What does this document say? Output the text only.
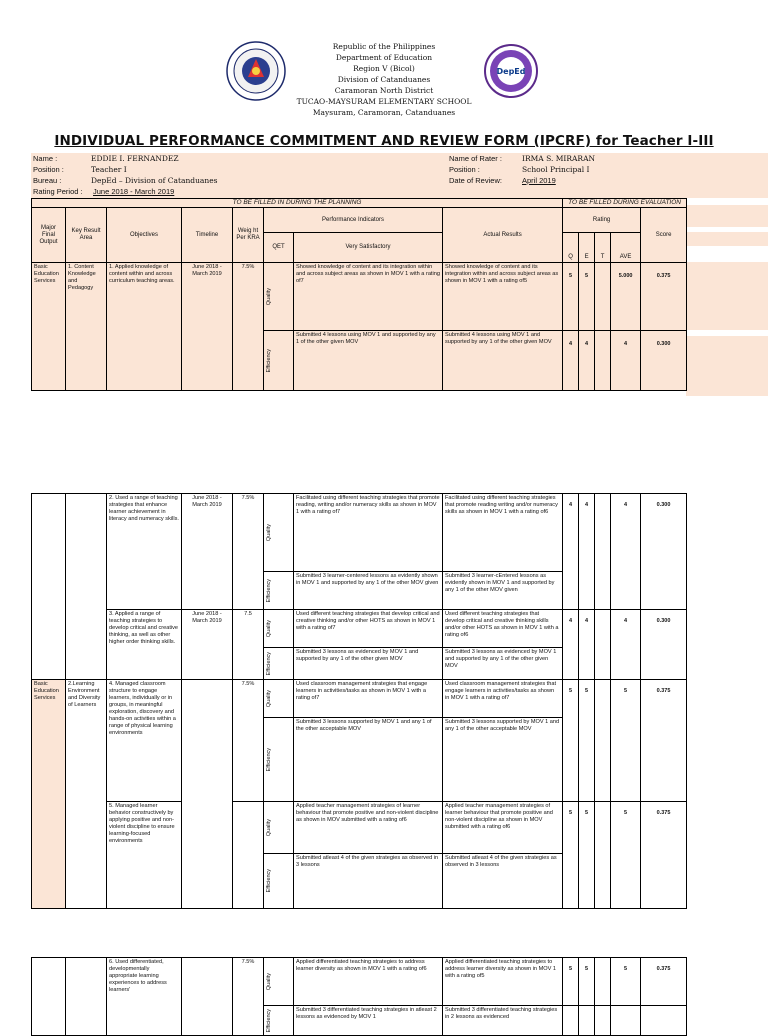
DepEd
Republic of the Philippines
Department of Education
Region V (Bicol)
Division of Catanduanes
Caramoran North District
TUCAO-MAYSURAM ELEMENTARY SCHOOL
Maysuram, Caramoran, Catanduanes
INDIVIDUAL PERFORMANCE COMMITMENT AND REVIEW FORM (IPCRF) for Teacher I-III
Name :	EDDIE I. FERNANDEZ
Position :	Teacher I
Bureau :	DepEd – Division of Catanduanes
Rating Period : June 2018 - March 2019
Name of Rater :	IRMA S. MIRARAN
Position :	School Principal I
Date of Review:	April 2019
TO BE FILLED IN DURING THE PLANNING								TO BE FILLED DURING EVALUATION				
Major Final Output	Key Result Area	Objectives	Timeline	Weig ht Per KRA	Performance Indicators		Actual Results	Rating				Score
					QET	Very Satisfactory		Q	E	T	AVE	
Basic Education Services	1. Content Knowledge and Pedagogy	1. Applied knowledge of content within and across curriculum teaching areas.	June 2018 - March 2019	7.5%	Quality	Showed knowledge of content and its integration within and across subject areas as shown in MOV 1 with a rating of7	Showed knowledge of content and its integration within and across subject areas as shown in MOV 1 with a rating of5	5	5		5.000	0.375

					Efficiency	Submitted 4 lessons using MOV 1 and supported by any 1 of the other given MOV	Submitted 4 lessons using MOV 1 and supported by any 1 of the other given MOV	4	4		4	0.300
		2. Used a range of teaching strategies that enhance learner achievement in literacy and numeracy skills.	June 2018 - March 2019	7.5%	Quality	Facilitated using different teaching strategies that promote reading, writing and/or numeracy skills as shown in MOV 1 with a rating of7	Facilitated using different teaching strategies that promote reading writing and/or numeracy skills as shown in MOV 1 with a rating of6	4	4		4	0.300

					Efficiency	Submitted 3 learner-centered lessons as evidently shown in MOV 1 and supported by any 1 of the other MOV given	Submitted 3 learner-cEntered lessons as evidently shown in MOV 1 and supported by any 1 of the other MOV given					
		3. Applied a range of teaching strategies to develop critical and creative thinking, as well as other higher order thinking skills.	June 2018 - March 2019	7.5	Quality	Used different teaching strategies that develop critical and creative thinking and/or other HOTS as shown in MOV 1 with a rating of7	Used different teaching strategies that develop critical and creative thinking skills and/or other HOTS as shown in MOV 1 with a rating of6	4	4		4	0.300

					Efficiency	Submitted 3 lessons as evidenced by MOV 1 and supported by any 1 of the other given MOV	Submitted 3 lessons as evidenced by MOV 1 and supported by any 1 of the other given MOV					
Basic Education Services	2.Learning Environment and Diversity of Learners	4. Managed classroom structure to engage learners, individually or in groups, in meaningful exploration, discovery and hands-on activities within a range of physical learning environments		7.5%	Quality	Used classroom management strategies that engage learners in activities/tasks as shown in MOV 1 with a rating of7	Used classroom management strategies that engage learners in activities/tasks as shown in MOV 1 with a rating of7	5	5		5	0.375

					Efficiency	Submitted 3 lessons supported by MOV 1 and any 1 of the other acceptable MOV	Submitted 3 lessons supported by MOV 1 and any 1 of the other acceptable MOV					
		5. Managed learner behavior constructively by applying positive and non-violent discipline to ensure learning-focused environments			Quality	Applied teacher management strategies of learner behaviour that promote positive and non-violent discipline as shown in MOV submitted with a rating of6	Applied teacher management strategies of learner behaviour that promote positive and non-violent discipline as shown in MOV submitted with a rating of6	5	5		5	0.375

					Efficiency	Submitted atleast 4 of the given strategies as observed in 3 lessons	Submitted atleast 4 of the given strategies as observed in 3 lessons					
		6. Used differentiated, developmentally appropriate learning experiences to address learners'		7.5%	Quality	Applied differentiated teaching strategies to address learner diversity as shown in MOV 1 with a rating of6	Applied differentiated teaching strategies to address learner diversity as shown in MOV 1 with a rating of5	5	5		5	0.375

					Efficiency	Submitted 3 differentiated teaching strategies in atleast 2 lessons as evidenced by MOV 1	Submitted 3 differentiated teaching strategies in 2 lessons as evidenced					
